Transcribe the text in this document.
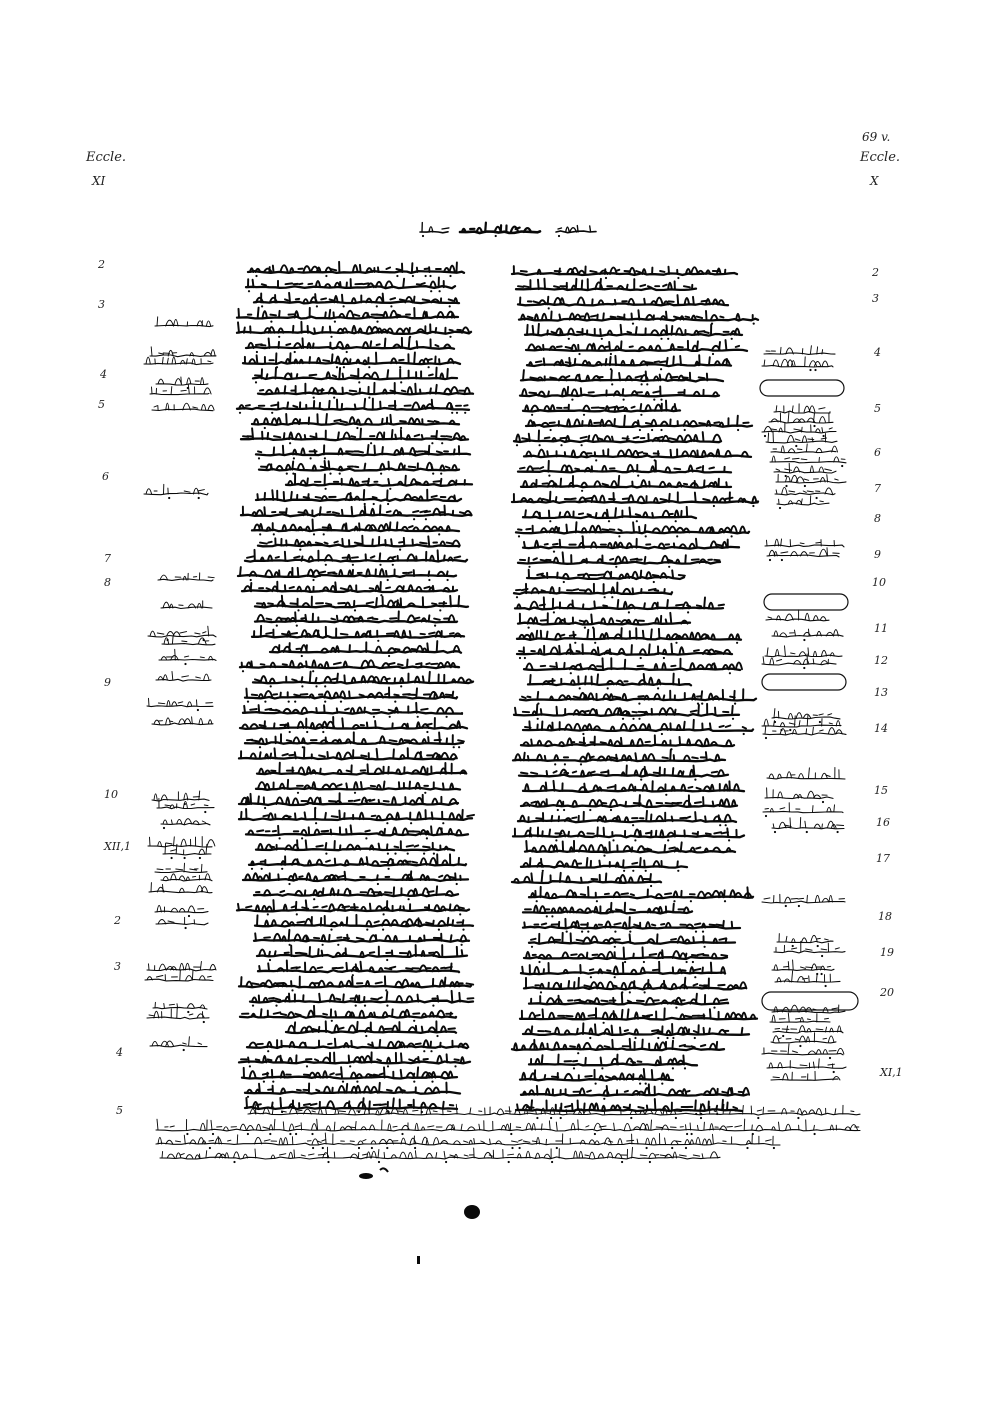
Eccle.
XI
69 v.
Eccle.
X
2
3
4
5
6
7
8
9
10
XII,1
2
3
4
5
2
3
4
5
6
7
8
9
10
11
12
13
14
15
16
17
18
19
20
XI,1
